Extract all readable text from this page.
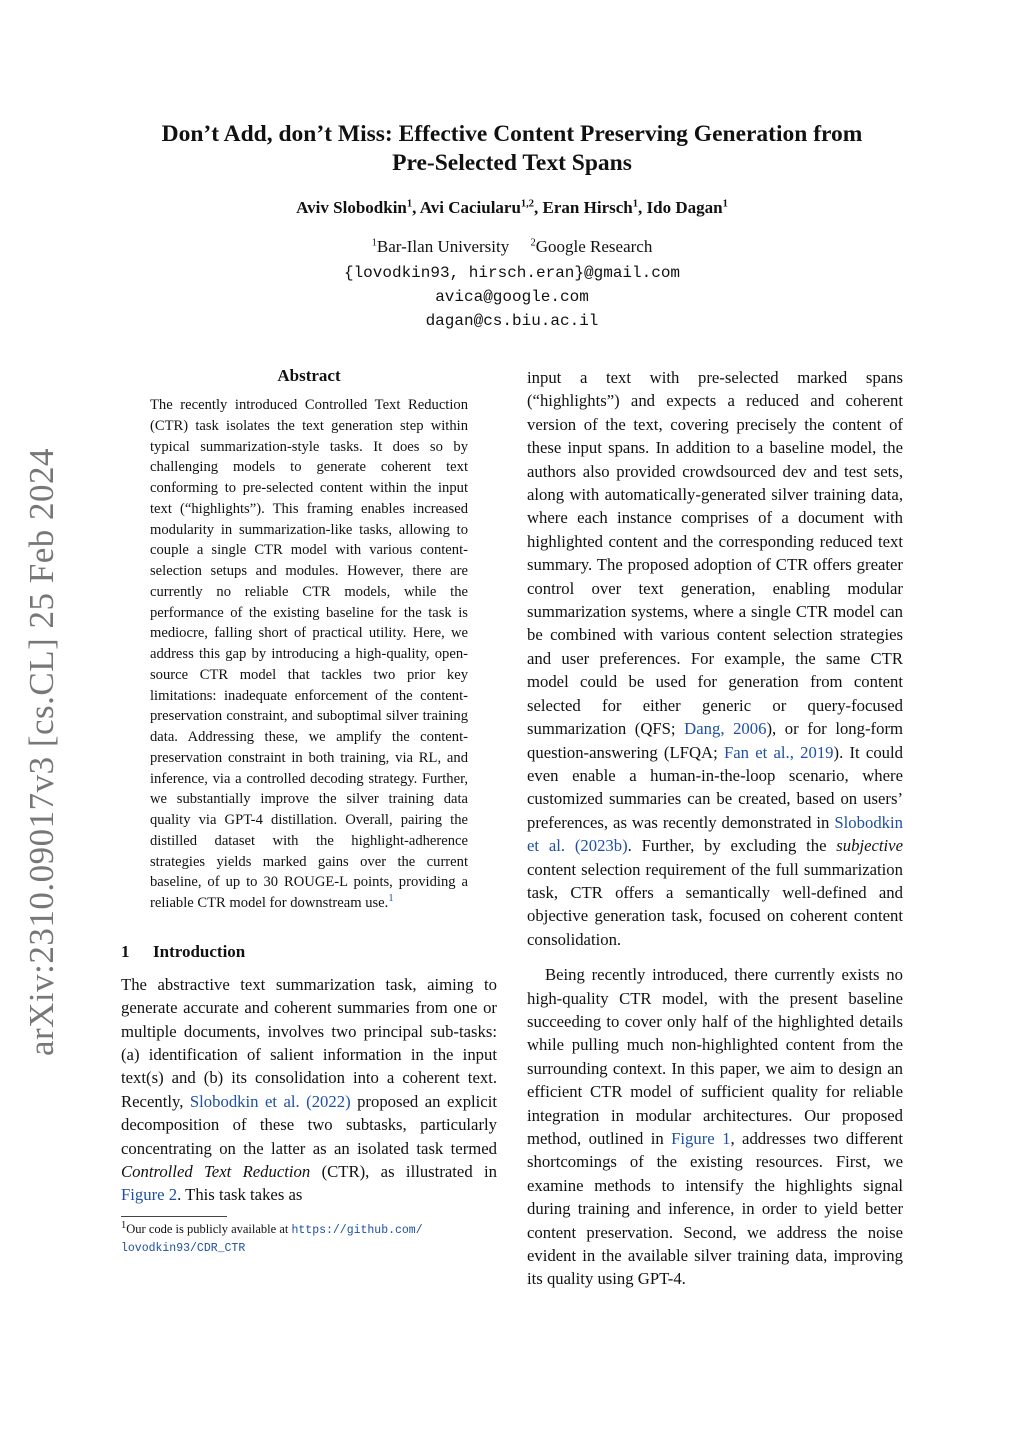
arXiv:2310.09017v3 [cs.CL] 25 Feb 2024
Don’t Add, don’t Miss: Effective Content Preserving Generation from
Pre-Selected Text Spans
Aviv Slobodkin$^1$, Avi Caciularu$^{1,2}$, Eran Hirsch$^1$, Ido Dagan$^1$
$^1$Bar-Ilan University $^2$Google Research
{lovodkin93, hirsch.eran}@gmail.com
avica@google.com
dagan@cs.biu.ac.il
Abstract
The recently introduced Controlled Text Reduction (CTR) task isolates the text generation step within typical summarization-style tasks. It does so by challenging models to generate coherent text conforming to pre-selected content within the input text (“highlights”). This framing enables increased modularity in summarization-like tasks, allowing to couple a single CTR model with various content-selection setups and modules. However, there are currently no reliable CTR models, while the performance of the existing baseline for the task is mediocre, falling short of practical utility. Here, we address this gap by introducing a high-quality, open-source CTR model that tackles two prior key limitations: inadequate enforcement of the content-preservation constraint, and suboptimal silver training data. Addressing these, we amplify the content-preservation constraint in both training, via RL, and inference, via a controlled decoding strategy. Further, we substantially improve the silver training data quality via GPT-4 distillation. Overall, pairing the distilled dataset with the highlight-adherence strategies yields marked gains over the current baseline, of up to 30 ROUGE-L points, providing a reliable CTR model for downstream use.$^1$
1 Introduction

The abstractive text summarization task, aiming to generate accurate and coherent summaries from one or multiple documents, involves two principal sub-tasks: (a) identification of salient information in the input text(s) and (b) its consolidation into a coherent text. Recently, Slobodkin et al. (2022) proposed an explicit decomposition of these two subtasks, particularly concentrating on the latter as an isolated task termed Controlled Text Reduction (CTR), as illustrated in Figure 2. This task takes as

$^1$Our code is publicly available at https://github.com/
lovodkin93/CDR_CTR

input a text with pre-selected marked spans (“highlights”) and expects a reduced and coherent version of the text, covering precisely the content of these input spans. In addition to a baseline model, the authors also provided crowdsourced dev and test sets, along with automatically-generated silver training data, where each instance comprises of a document with highlighted content and the corresponding reduced text summary. The proposed adoption of CTR offers greater control over text generation, enabling modular summarization systems, where a single CTR model can be combined with various content selection strategies and user preferences. For example, the same CTR model could be used for generation from content selected for either generic or query-focused summarization (QFS; Dang, 2006), or for long-form question-answering (LFQA; Fan et al., 2019). It could even enable a human-in-the-loop scenario, where customized summaries can be created, based on users’ preferences, as was recently demonstrated in Slobodkin et al. (2023b). Further, by excluding the subjective content selection requirement of the full summarization task, CTR offers a semantically well-defined and objective generation task, focused on coherent content consolidation.

Being recently introduced, there currently exists no high-quality CTR model, with the present baseline succeeding to cover only half of the highlighted details while pulling much non-highlighted content from the surrounding context. In this paper, we aim to design an efficient CTR model of sufficient quality for reliable integration in modular architectures. Our proposed method, outlined in Figure 1, addresses two different shortcomings of the existing resources. First, we examine methods to intensify the highlights signal during training and inference, in order to yield better content preservation. Second, we address the noise evident in the available silver training data, improving its quality using GPT-4.
